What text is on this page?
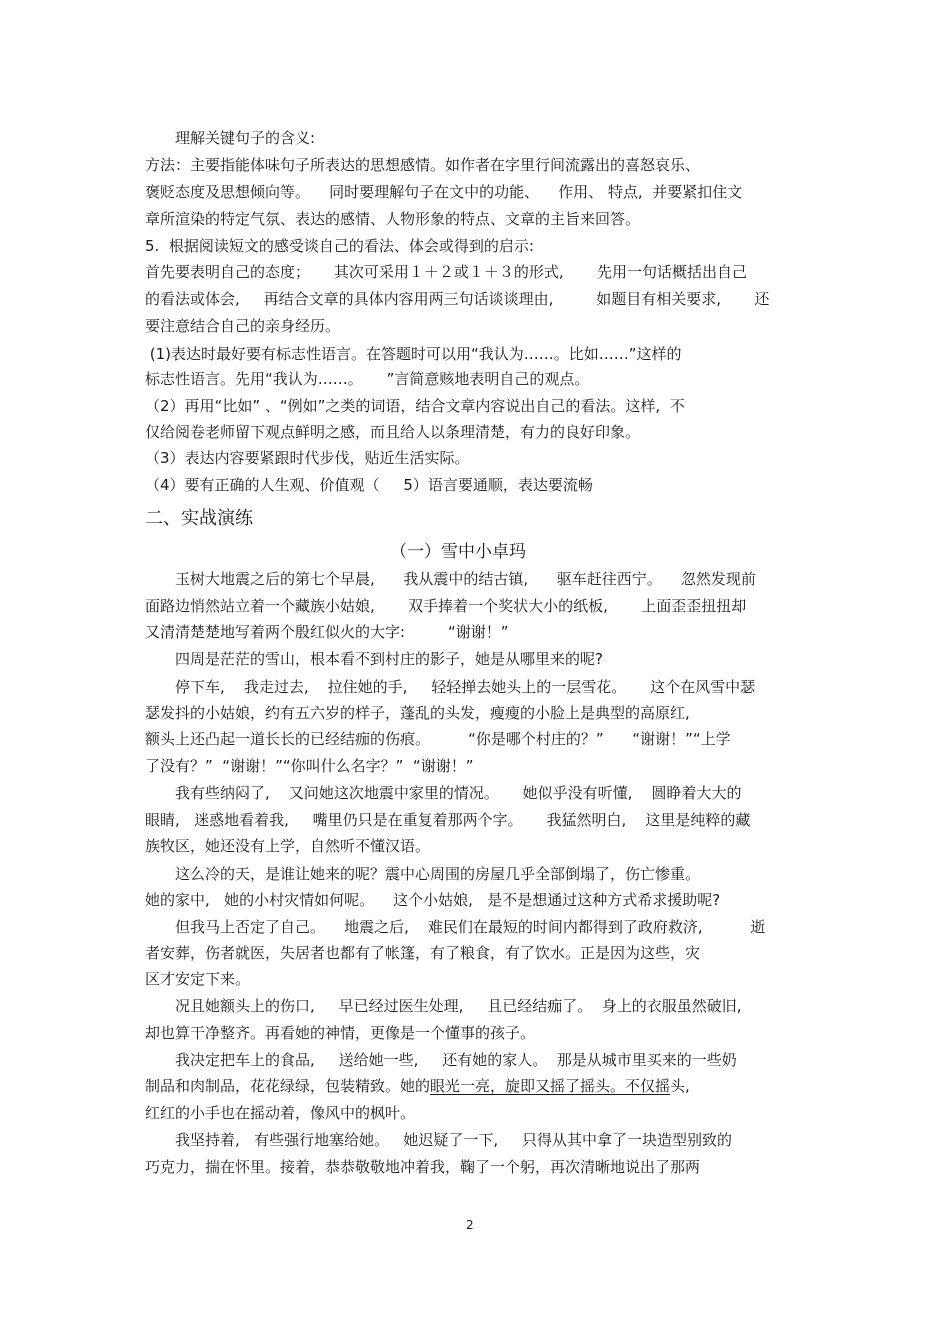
理解关键句子的含义:
方法：主要指能体味句子所表达的思想感情。如作者在字里行间流露出的喜怒哀乐、
褒贬态度及思想倾向等。    同时要理解句子在文中的功能、    作用、 特点,  并要紧扣住文
章所渲染的特定气氛、表达的感情、人物形象的特点、文章的主旨来回答。
5.  根据阅读短文的感受谈自己的看法、体会或得到的启示:
首先要表明自己的态度；     其次可采用１＋２或１＋３的形式,       先用一句话概括出自己
的看法或体会,     再结合文章的具体内容用两三句话谈谈理由,         如题目有相关要求,       还
要注意结合自己的亲身经历。
(1)表达时最好要有标志性语言。在答题时可以用“我认为……。比如……”这样的
标志性语言。先用“我认为……。     ”言简意赅地表明自己的观点。
（2）再用“比如” 、“例如”之类的词语，结合文章内容说出自己的看法。这样,  不
仅给阅卷老师留下观点鲜明之感，而且给人以条理清楚，有力的良好印象。
（3）表达内容要紧跟时代步伐，贴近生活实际。
（4）要有正确的人生观、价值观（     5）语言要通顺，表达要流畅
二、实战演练
（一）雪中小卓玛
　　玉树大地震之后的第七个早晨,      我从震中的结古镇,      驱车赶往西宁。    忽然发现前
面路边悄然站立着一个藏族小姑娘,       双手捧着一个奖状大小的纸板,       上面歪歪扭扭却
又清清楚楚地写着两个殷红似火的大字:         “谢谢！”
　　四周是茫茫的雪山，根本看不到村庄的影子，她是从哪里来的呢?
　　停下车,    我走过去,    拉住她的手,     轻轻掸去她头上的一层雪花。     这个在风雪中瑟
瑟发抖的小姑娘，约有五六岁的样子，蓬乱的头发，瘦瘦的小脸上是典型的高原红,
额头上还凸起一道长长的已经结痂的伤痕。        “你是哪个村庄的？”      “谢谢！”“上学
了没有？”  “谢谢！”“你叫什么名字？”  “谢谢！”
　　我有些纳闷了,    又问她这次地震中家里的情况。     她似乎没有听懂,    圆睁着大大的
眼睛,   迷惑地看着我,     嘴里仍只是在重复着那两个字。     我猛然明白,    这里是纯粹的藏
族牧区，她还没有上学，自然听不懂汉语。
　　这么冷的天，是谁让她来的呢？震中心周围的房屋几乎全部倒塌了，伤亡惨重。
她的家中,   她的小村灾情如何呢。    这个小姑娘,   是不是想通过这种方式希求援助呢?
　　但我马上否定了自己。    地震之后,    难民们在最短的时间内都得到了政府救济,          逝
者安葬，伤者就医，失居者也都有了帐篷，有了粮食，有了饮水。正是因为这些，灾
区才安定下来。
　　况且她额头上的伤口,     早已经过医生处理,     且已经结痂了。  身上的衣服虽然破旧,
却也算干净整齐。再看她的神情，更像是一个懂事的孩子。
　　我决定把车上的食品,     送给她一些,     还有她的家人。  那是从城市里买来的一些奶
制品和肉制品，花花绿绿，包装精致。她的眼光一亮，旋即又摇了摇头。不仅摇头,
红红的小手也在摇动着，像风中的枫叶。
　　我坚持着,   有些强行地塞给她。   她迟疑了一下,     只得从其中拿了一块造型别致的
巧克力，揣在怀里。接着，恭恭敬敬地冲着我，鞠了一个躬，再次清晰地说出了那两
2
